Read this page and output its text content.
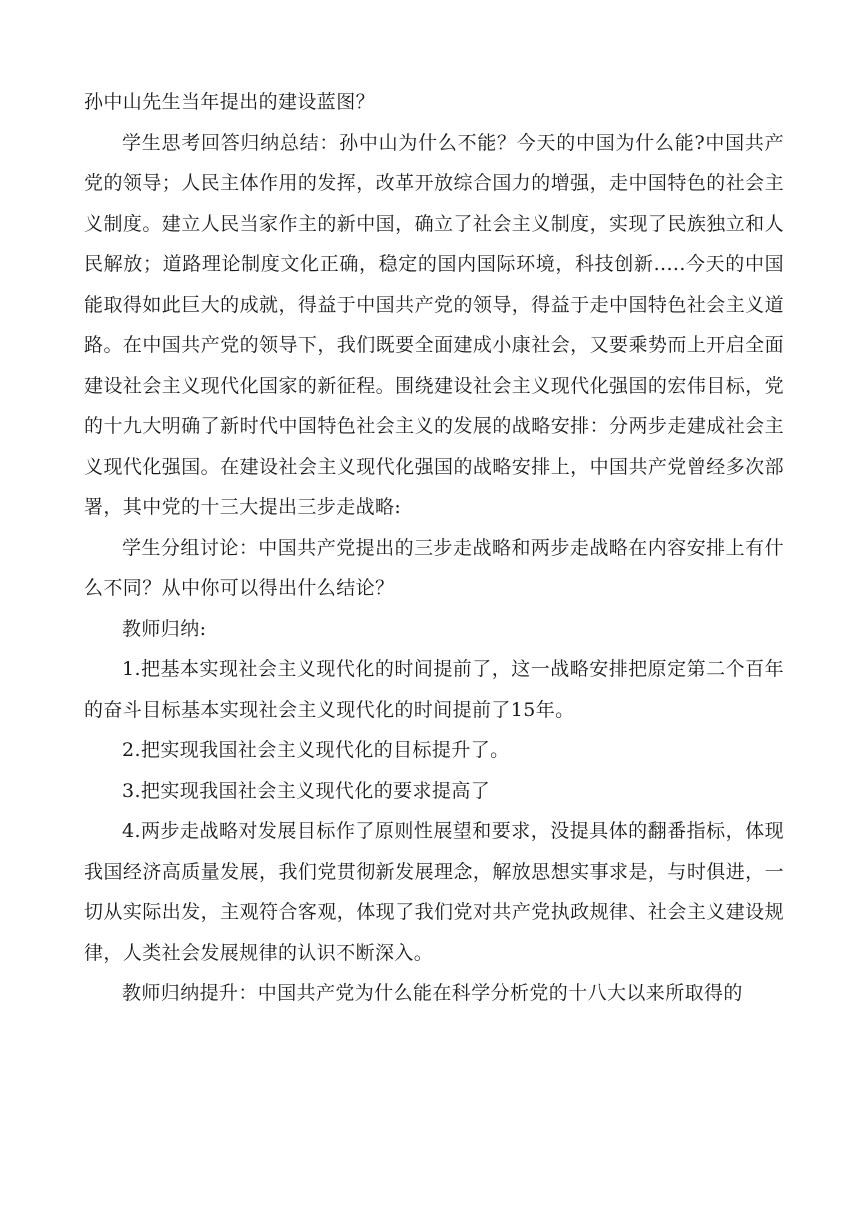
孙中山先生当年提出的建设蓝图？

学生思考回答归纳总结：孙中山为什么不能？今天的中国为什么能?中国共产党的领导；人民主体作用的发挥，改革开放综合国力的增强，走中国特色的社会主义制度。建立人民当家作主的新中国，确立了社会主义制度，实现了民族独立和人民解放；道路理论制度文化正确，稳定的国内国际环境，科技创新.....今天的中国能取得如此巨大的成就，得益于中国共产党的领导，得益于走中国特色社会主义道路。在中国共产党的领导下，我们既要全面建成小康社会，又要乘势而上开启全面建设社会主义现代化国家的新征程。围绕建设社会主义现代化强国的宏伟目标，党的十九大明确了新时代中国特色社会主义的发展的战略安排：分两步走建成社会主义现代化强国。在建设社会主义现代化强国的战略安排上，中国共产党曾经多次部署，其中党的十三大提出三步走战略:

学生分组讨论：中国共产党提出的三步走战略和两步走战略在内容安排上有什么不同？从中你可以得出什么结论？

教师归纳:

1.把基本实现社会主义现代化的时间提前了，这一战略安排把原定第二个百年的奋斗目标基本实现社会主义现代化的时间提前了15年。

2.把实现我国社会主义现代化的目标提升了。

3.把实现我国社会主义现代化的要求提高了

4.两步走战略对发展目标作了原则性展望和要求，没提具体的翻番指标，体现我国经济高质量发展，我们党贯彻新发展理念，解放思想实事求是，与时俱进，一切从实际出发，主观符合客观，体现了我们党对共产党执政规律、社会主义建设规律，人类社会发展规律的认识不断深入。

教师归纳提升：中国共产党为什么能在科学分析党的十八大以来所取得的
